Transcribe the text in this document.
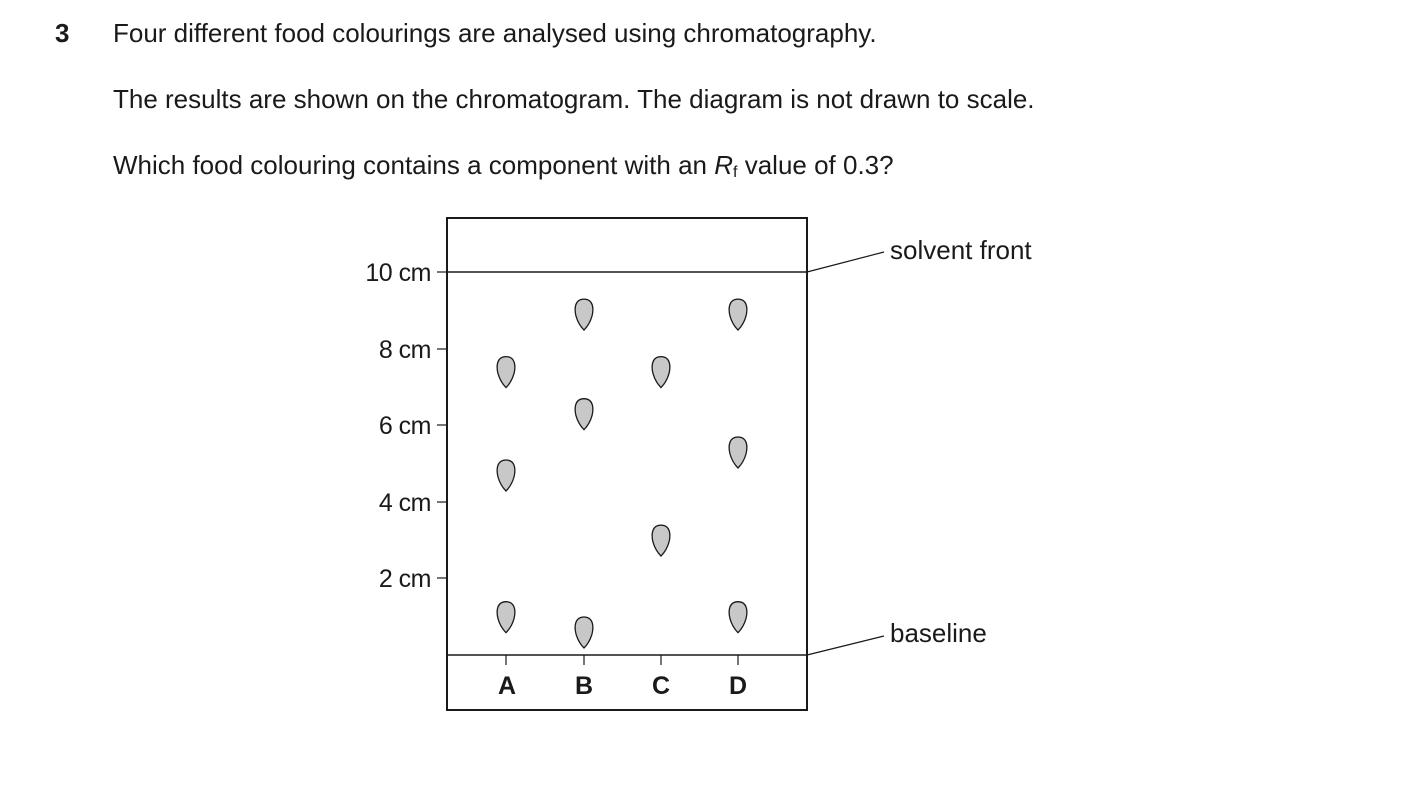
3 Four different food colourings are analysed using chromatography.
The results are shown on the chromatogram. The diagram is not drawn to scale.
Which food colouring contains a component with an Rf value of 0.3?
solvent front
baseline
10 cm
8 cm
6 cm
4 cm
2 cm
A B C D
